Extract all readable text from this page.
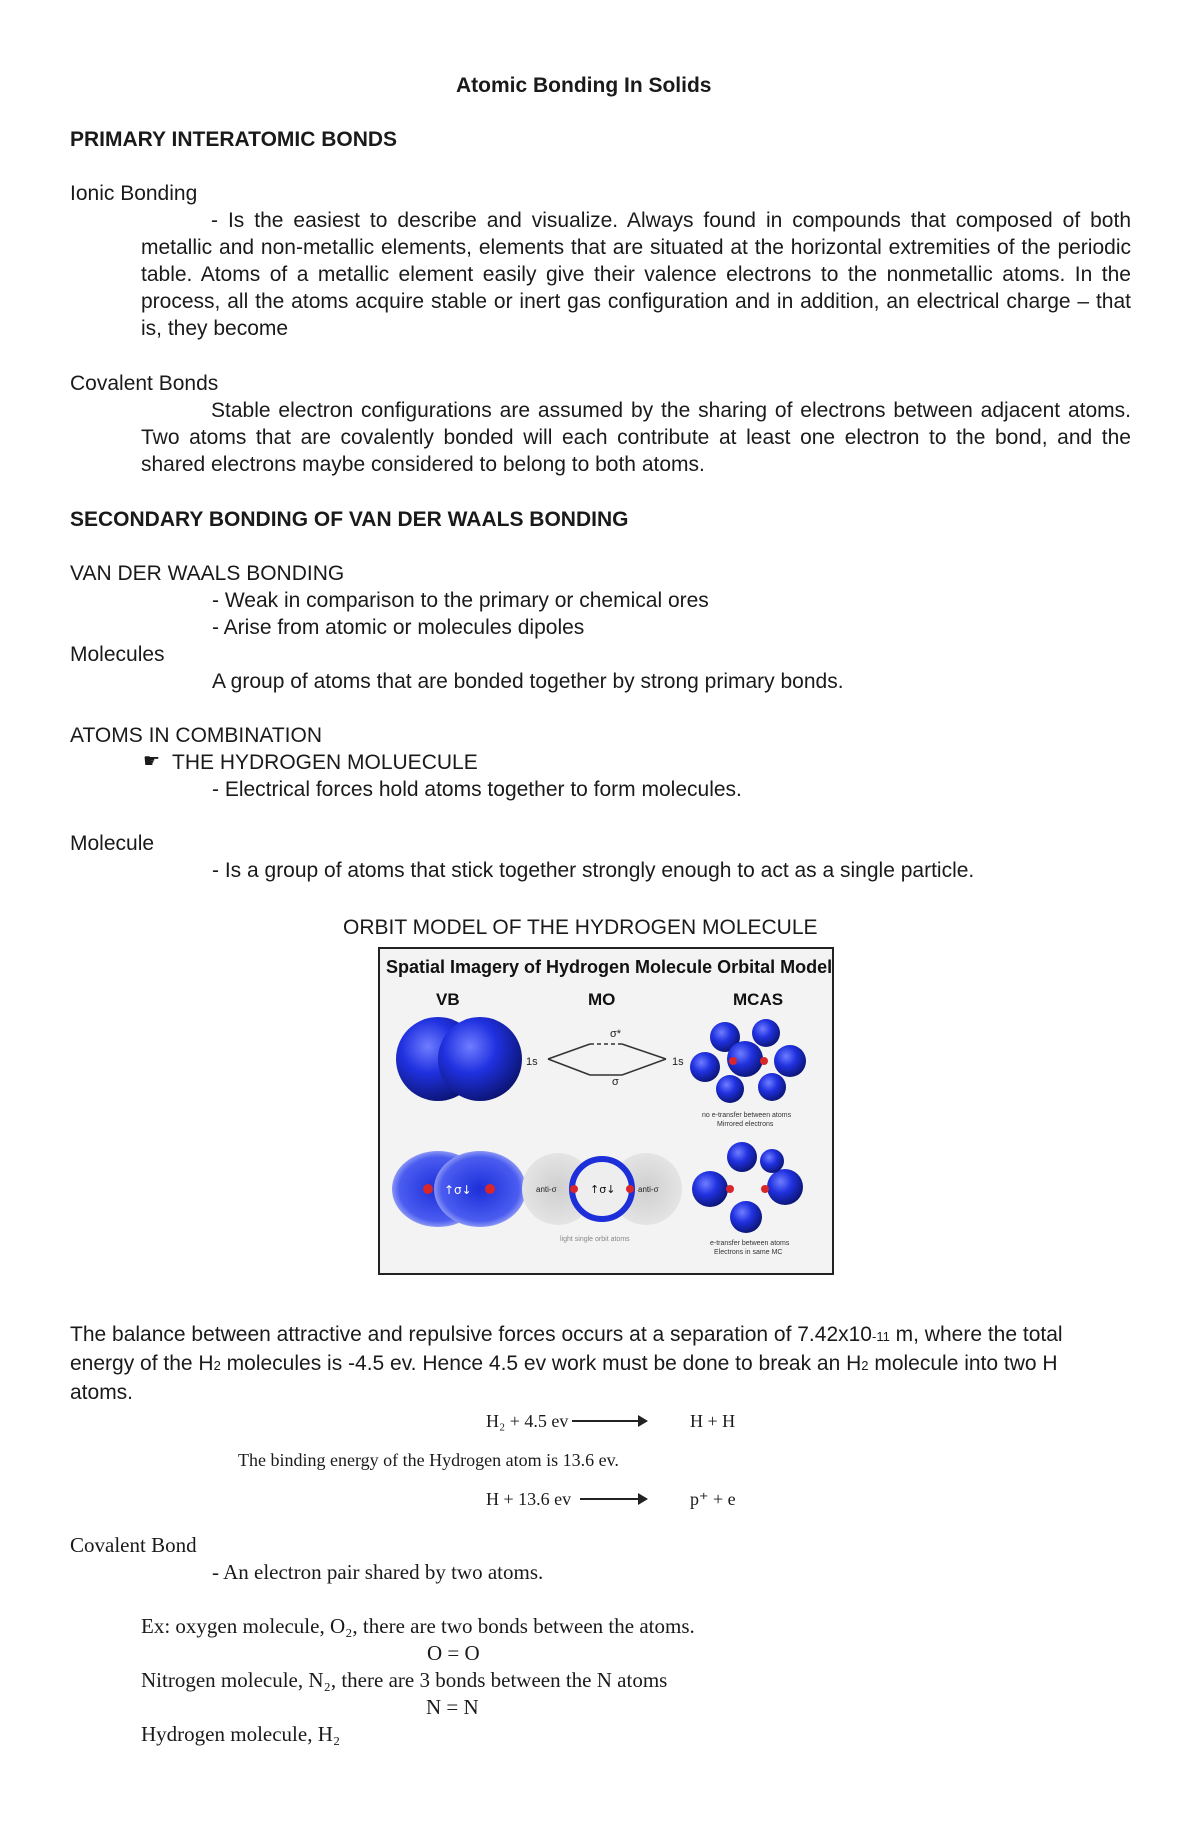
Atomic Bonding In Solids
PRIMARY INTERATOMIC BONDS
Ionic Bonding
- Is the easiest to describe and visualize. Always found in compounds that composed of both metallic and non-metallic elements, elements that are situated at the horizontal extremities of the periodic table. Atoms of a metallic element easily give their valence electrons to the nonmetallic atoms. In the process, all the atoms acquire stable or inert gas configuration and in addition, an electrical charge – that is, they become
Covalent Bonds
Stable electron configurations are assumed by the sharing of electrons between adjacent atoms. Two atoms that are covalently bonded will each contribute at least one electron to the bond, and the shared electrons maybe considered to belong to both atoms.
SECONDARY BONDING OF VAN DER WAALS BONDING
VAN DER WAALS BONDING
- Weak in comparison to the primary or chemical ores
- Arise from atomic or molecules dipoles
Molecules
A group of atoms that are bonded together by strong primary bonds.
ATOMS IN COMBINATION
☛ THE HYDROGEN MOLUECULE
- Electrical forces hold atoms together to form molecules.
Molecule
- Is a group of atoms that stick together strongly enough to act as a single particle.
ORBIT MODEL OF THE HYDROGEN MOLECULE
Spatial Imagery of Hydrogen Molecule Orbital Models
VB	MO	MCAS
1s	1s
σ*
σ
no e-transfer between atoms
Mirrored electrons
↑σ↓	anti-σ	↑σ↓	anti-σ
light single orbit atoms
e-transfer between atoms
Electrons in same MC
The balance between attractive and repulsive forces occurs at a separation of 7.42x10-11 m, where the total energy of the H2 molecules is -4.5 ev. Hence 4.5 ev work must be done to break an H2 molecule into two H atoms.
H₂ + 4.5 ev	H + H
The binding energy of the Hydrogen atom is 13.6 ev.
H + 13.6 ev	p⁺ + e
Covalent Bond
- An electron pair shared by two atoms.
Ex: oxygen molecule, O₂, there are two bonds between the atoms.
O = O
Nitrogen molecule, N₂, there are 3 bonds between the N atoms
N = N
Hydrogen molecule, H₂
